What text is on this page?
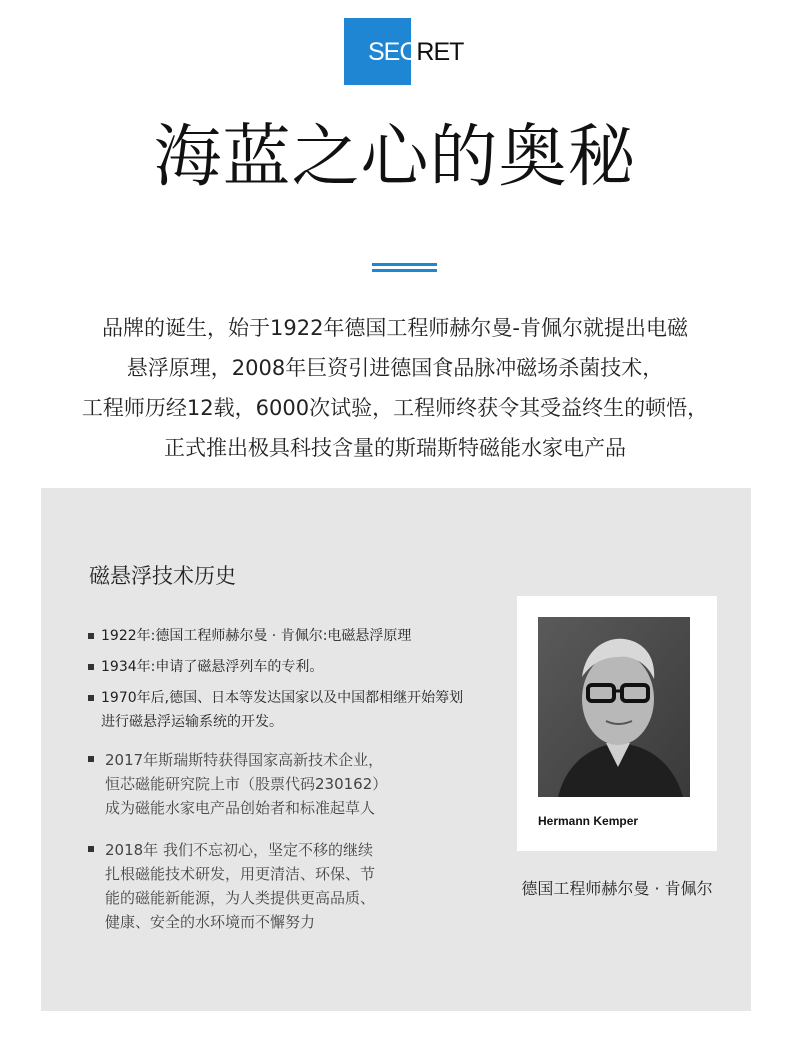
SECRET
海蓝之心的奥秘
品牌的诞生，始于1922年德国工程师赫尔曼-肯佩尔就提出电磁
悬浮原理，2008年巨资引进德国食品脉冲磁场杀菌技术，
工程师历经12载，6000次试验，工程师终获令其受益终生的顿悟，
正式推出极具科技含量的斯瑞斯特磁能水家电产品
磁悬浮技术历史
1922年:德国工程师赫尔曼 · 肯佩尔:电磁悬浮原理
1934年:申请了磁悬浮列车的专利。
1970年后,德国、日本等发达国家以及中国都相继开始筹划
进行磁悬浮运输系统的开发。
2017年斯瑞斯特获得国家高新技术企业，
恒芯磁能研究院上市（股票代码230162）
成为磁能水家电产品创始者和标准起草人
2018年 我们不忘初心，坚定不移的继续
扎根磁能技术研发，用更清洁、环保、节
能的磁能新能源，为人类提供更高品质、
健康、安全的水环境而不懈努力
Hermann Kemper
德国工程师赫尔曼 · 肯佩尔
